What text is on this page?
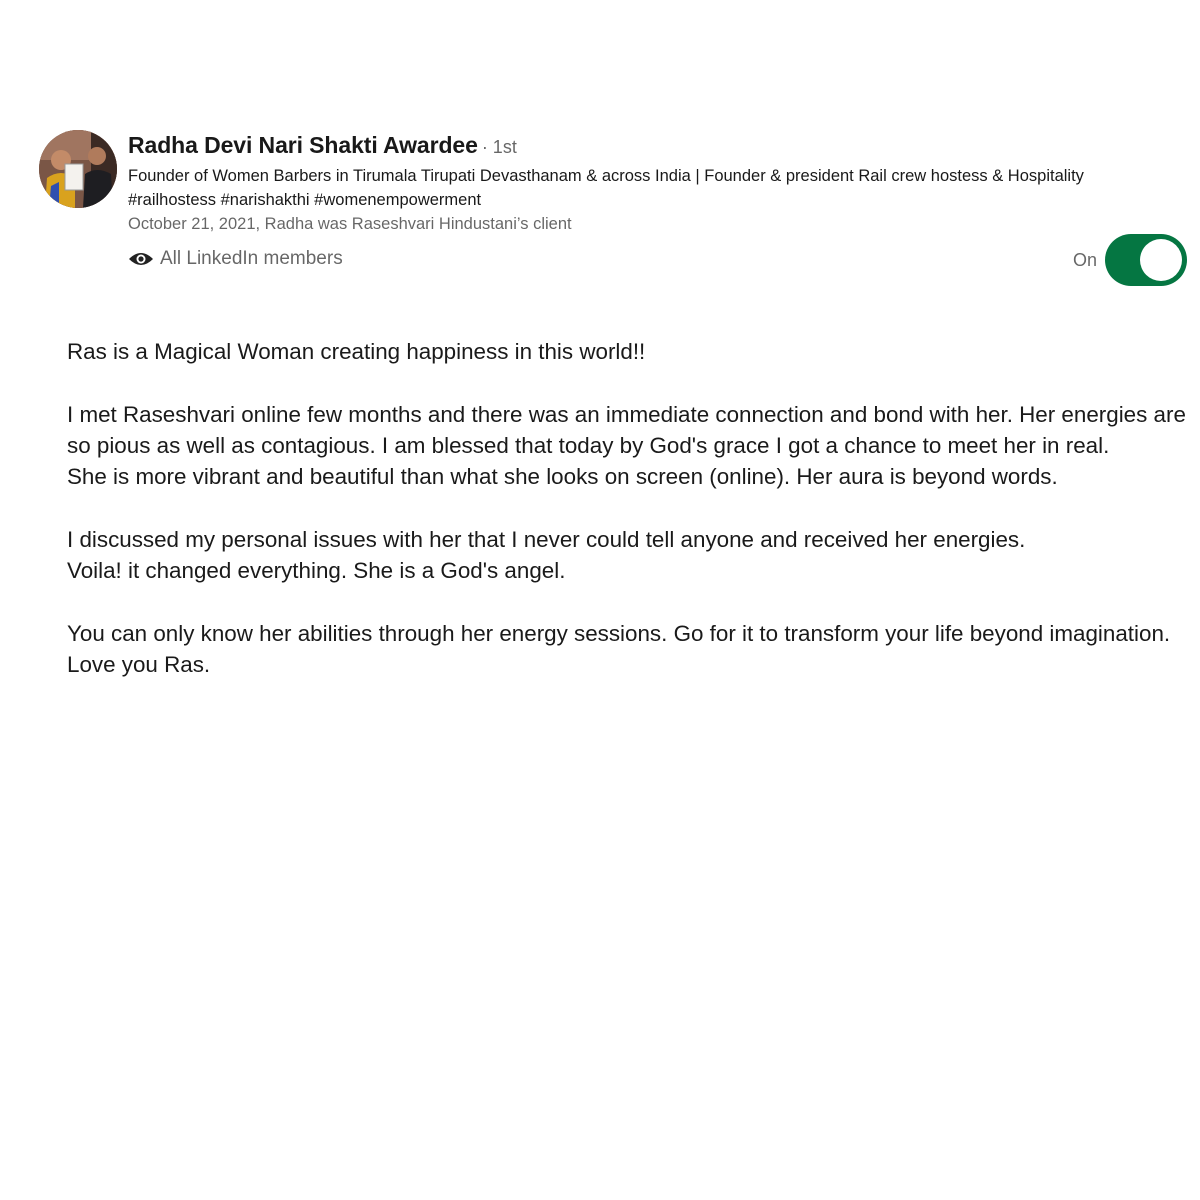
Radha Devi Nari Shakti Awardee · 1st
Founder of Women Barbers in Tirumala Tirupati Devasthanam & across India | Founder & president Rail crew hostess & Hospitality #railhostess #narishakthi #womenempowerment
October 21, 2021, Radha was Raseshvari Hindustani’s client
All LinkedIn members	On

Ras is a Magical Woman creating happiness in this world!!

I met Raseshvari online few months and there was an immediate connection and bond with her. Her energies are so pious as well as contagious. I am blessed that today by God's grace I got a chance to meet her in real.
She is more vibrant and beautiful than what she looks on screen (online). Her aura is beyond words.

I discussed my personal issues with her that I never could tell anyone and received her energies.
Voila! it changed everything. She is a God's angel.

You can only know her abilities through her energy sessions. Go for it to transform your life beyond imagination.
Love you Ras.
